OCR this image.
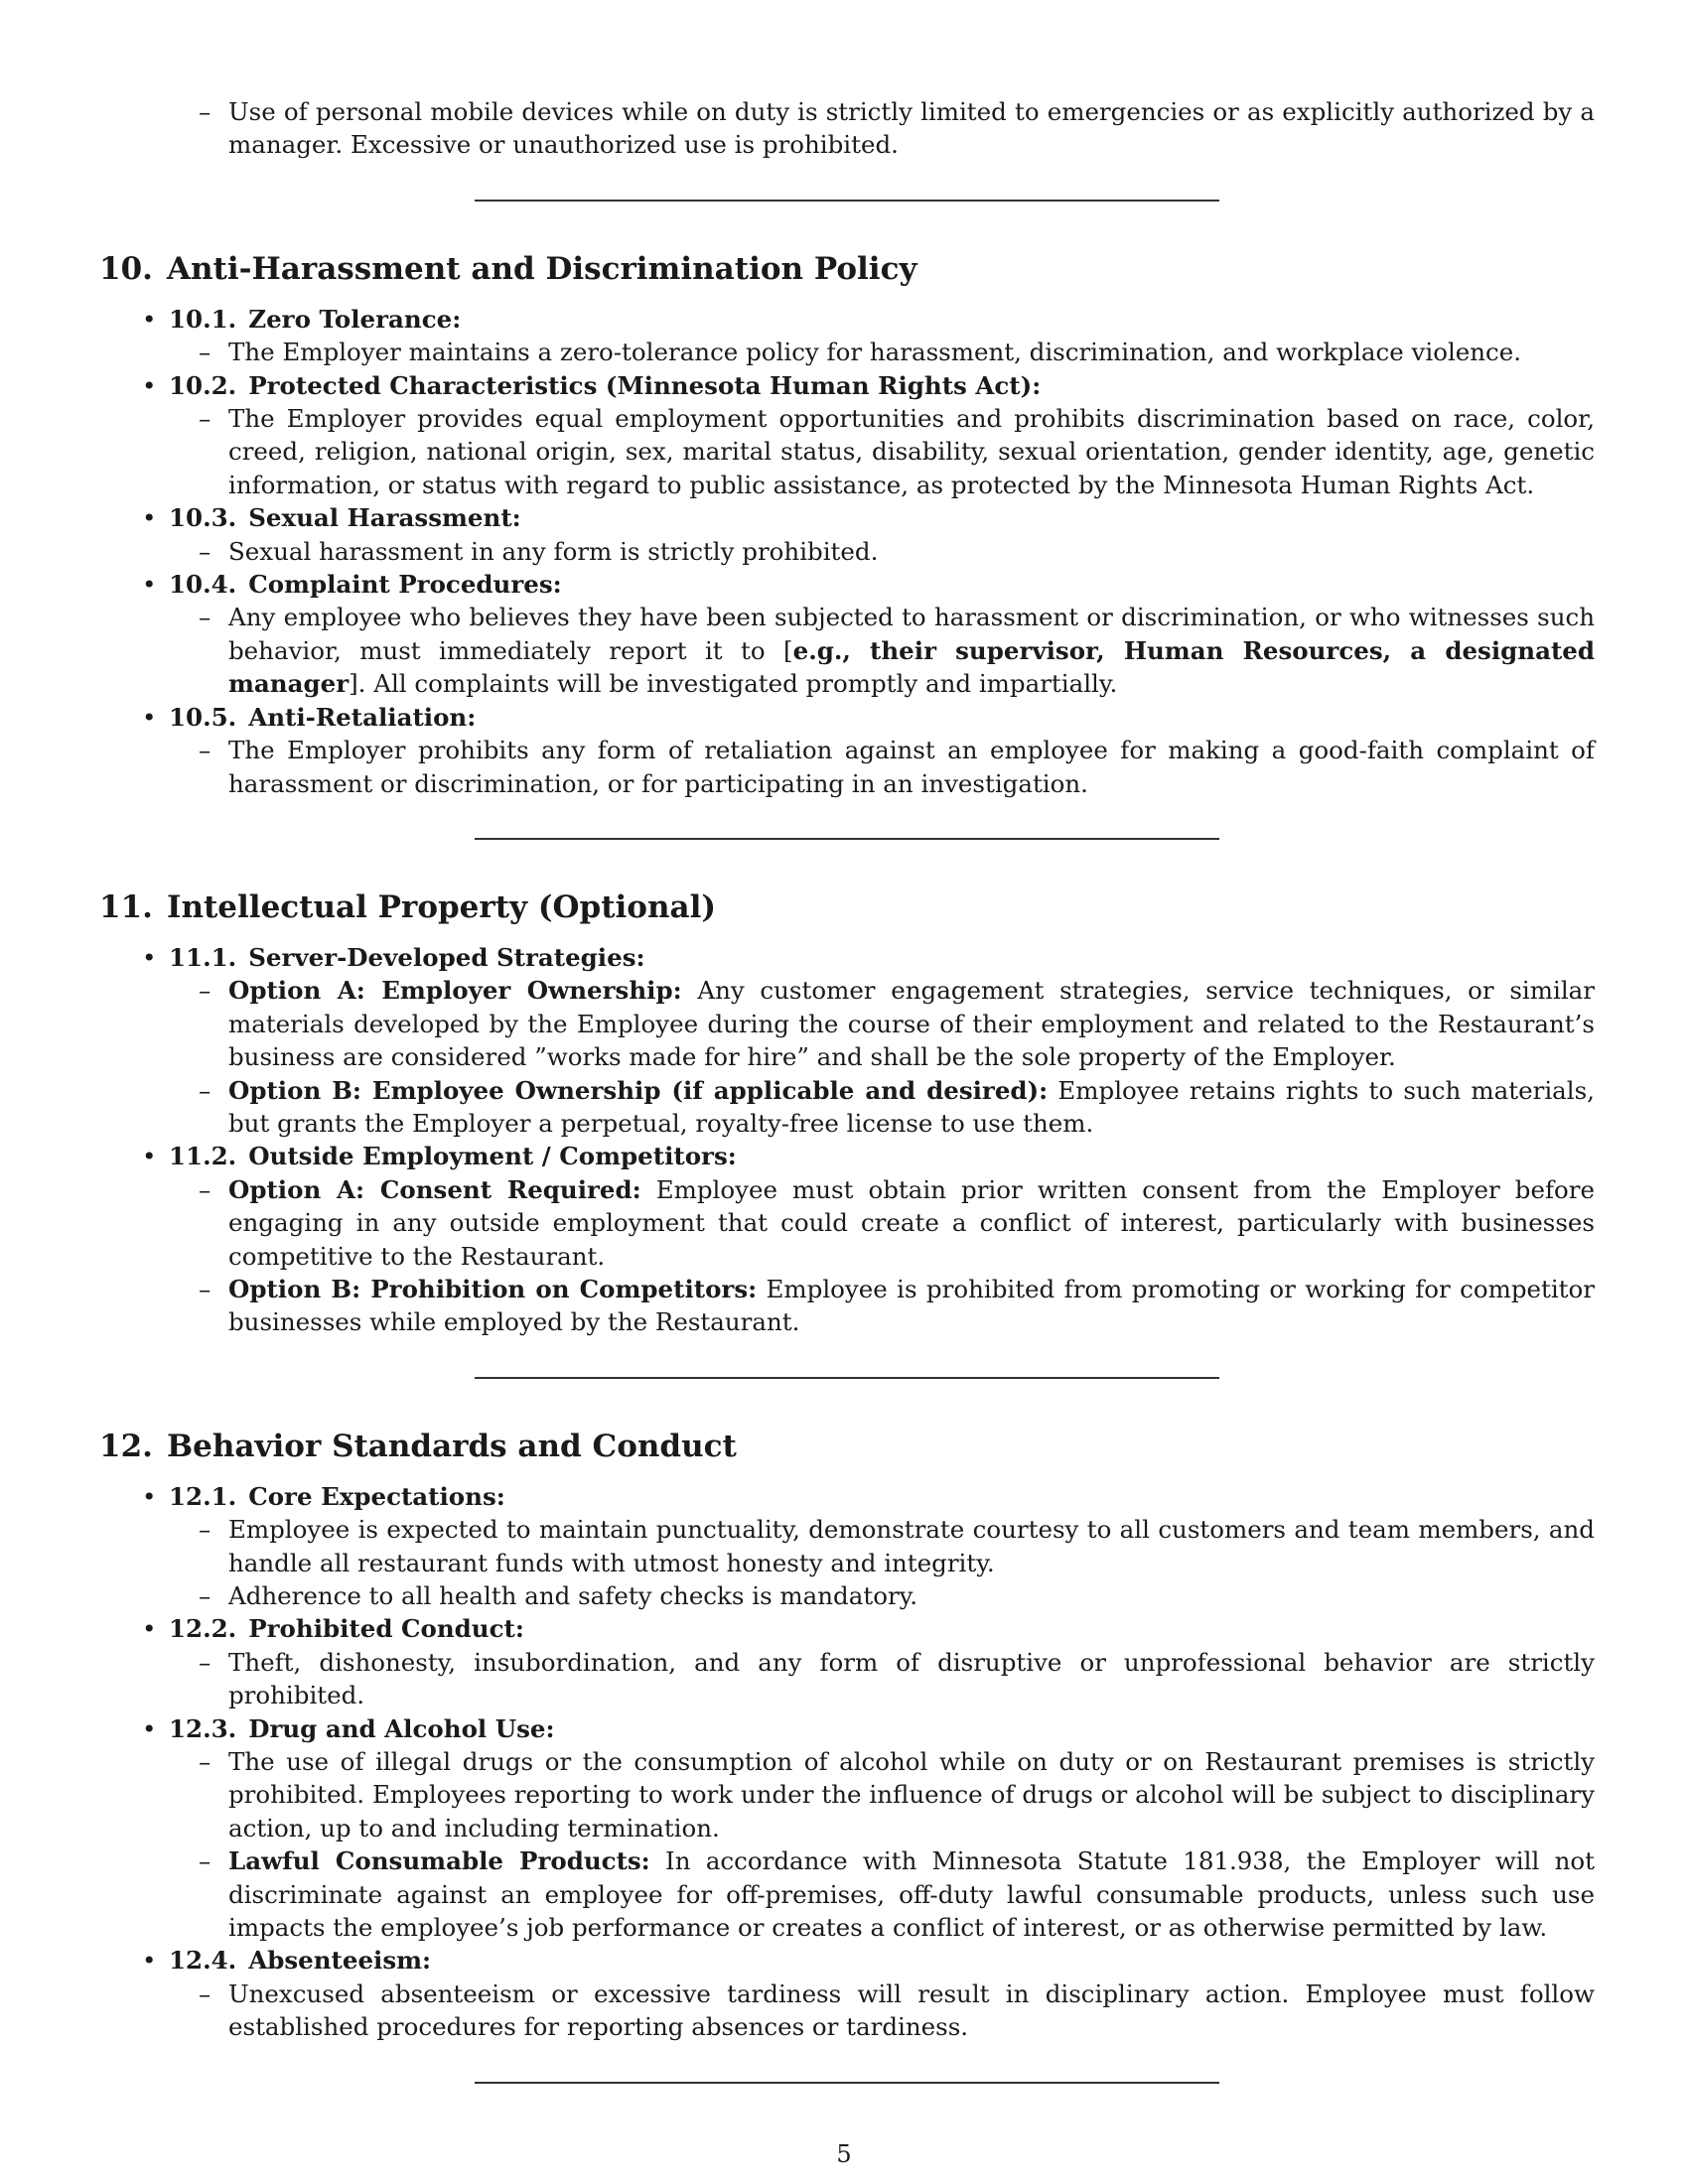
– Use of personal mobile devices while on duty is strictly limited to emergencies or as explicitly authorized by a manager. Excessive or unauthorized use is prohibited.
10. Anti-Harassment and Discrimination Policy
• 10.1. Zero Tolerance:
– The Employer maintains a zero-tolerance policy for harassment, discrimination, and workplace violence.
• 10.2. Protected Characteristics (Minnesota Human Rights Act):
– The Employer provides equal employment opportunities and prohibits discrimination based on race, color, creed, religion, national origin, sex, marital status, disability, sexual orientation, gender identity, age, genetic information, or status with regard to public assistance, as protected by the Minnesota Human Rights Act.
• 10.3. Sexual Harassment:
– Sexual harassment in any form is strictly prohibited.
• 10.4. Complaint Procedures:
– Any employee who believes they have been subjected to harassment or discrimination, or who witnesses such behavior, must immediately report it to [e.g., their supervisor, Human Resources, a designated manager]. All complaints will be investigated promptly and impartially.
• 10.5. Anti-Retaliation:
– The Employer prohibits any form of retaliation against an employee for making a good-faith complaint of harassment or discrimination, or for participating in an investigation.
11. Intellectual Property (Optional)
• 11.1. Server-Developed Strategies:
– Option A: Employer Ownership: Any customer engagement strategies, service techniques, or similar materials developed by the Employee during the course of their employment and related to the Restaurant’s business are considered ”works made for hire” and shall be the sole property of the Employer.
– Option B: Employee Ownership (if applicable and desired): Employee retains rights to such materials, but grants the Employer a perpetual, royalty-free license to use them.
• 11.2. Outside Employment / Competitors:
– Option A: Consent Required: Employee must obtain prior written consent from the Employer before engaging in any outside employment that could create a conflict of interest, particularly with businesses competitive to the Restaurant.
– Option B: Prohibition on Competitors: Employee is prohibited from promoting or working for competitor businesses while employed by the Restaurant.
12. Behavior Standards and Conduct
• 12.1. Core Expectations:
– Employee is expected to maintain punctuality, demonstrate courtesy to all customers and team members, and handle all restaurant funds with utmost honesty and integrity.
– Adherence to all health and safety checks is mandatory.
• 12.2. Prohibited Conduct:
– Theft, dishonesty, insubordination, and any form of disruptive or unprofessional behavior are strictly prohibited.
• 12.3. Drug and Alcohol Use:
– The use of illegal drugs or the consumption of alcohol while on duty or on Restaurant premises is strictly prohibited. Employees reporting to work under the influence of drugs or alcohol will be subject to disciplinary action, up to and including termination.
– Lawful Consumable Products: In accordance with Minnesota Statute 181.938, the Employer will not discriminate against an employee for off-premises, off-duty lawful consumable products, unless such use impacts the employee’s job performance or creates a conflict of interest, or as otherwise permitted by law.
• 12.4. Absenteeism:
– Unexcused absenteeism or excessive tardiness will result in disciplinary action. Employee must follow established procedures for reporting absences or tardiness.
5
